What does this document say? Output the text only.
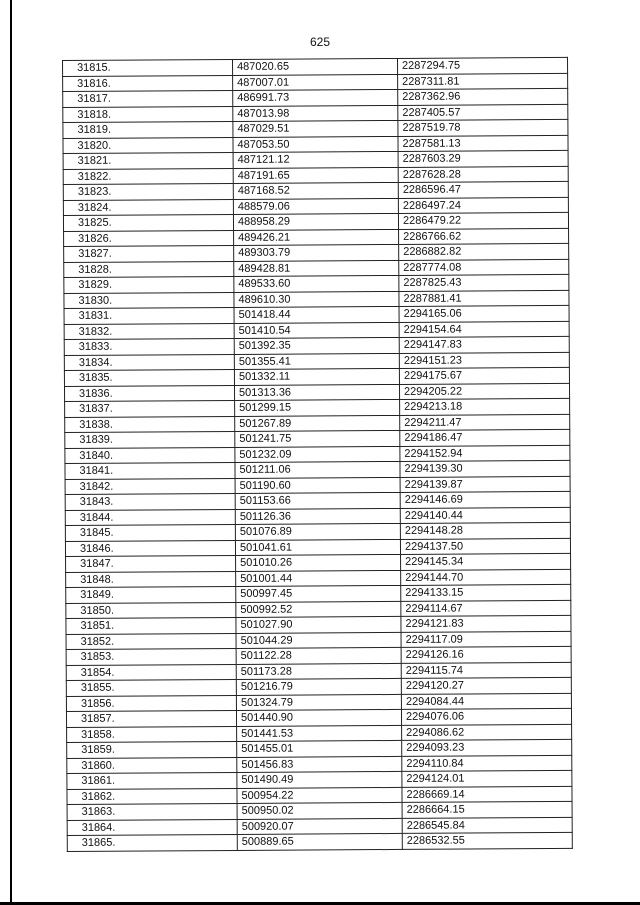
625
31815.	487020.65	2287294.75
31816.	487007.01	2287311.81
31817.	486991.73	2287362.96
31818.	487013.98	2287405.57
31819.	487029.51	2287519.78
31820.	487053.50	2287581.13
31821.	487121.12	2287603.29
31822.	487191.65	2287628.28
31823.	487168.52	2286596.47
31824.	488579.06	2286497.24
31825.	488958.29	2286479.22
31826.	489426.21	2286766.62
31827.	489303.79	2286882.82
31828.	489428.81	2287774.08
31829.	489533.60	2287825.43
31830.	489610.30	2287881.41
31831.	501418.44	2294165.06
31832.	501410.54	2294154.64
31833.	501392.35	2294147.83
31834.	501355.41	2294151.23
31835.	501332.11	2294175.67
31836.	501313.36	2294205.22
31837.	501299.15	2294213.18
31838.	501267.89	2294211.47
31839.	501241.75	2294186.47
31840.	501232.09	2294152.94
31841.	501211.06	2294139.30
31842.	501190.60	2294139.87
31843.	501153.66	2294146.69
31844.	501126.36	2294140.44
31845.	501076.89	2294148.28
31846.	501041.61	2294137.50
31847.	501010.26	2294145.34
31848.	501001.44	2294144.70
31849.	500997.45	2294133.15
31850.	500992.52	2294114.67
31851.	501027.90	2294121.83
31852.	501044.29	2294117.09
31853.	501122.28	2294126.16
31854.	501173.28	2294115.74
31855.	501216.79	2294120.27
31856.	501324.79	2294084.44
31857.	501440.90	2294076.06
31858.	501441.53	2294086.62
31859.	501455.01	2294093.23
31860.	501456.83	2294110.84
31861.	501490.49	2294124.01
31862.	500954.22	2286669.14
31863.	500950.02	2286664.15
31864.	500920.07	2286545.84
31865.	500889.65	2286532.55
